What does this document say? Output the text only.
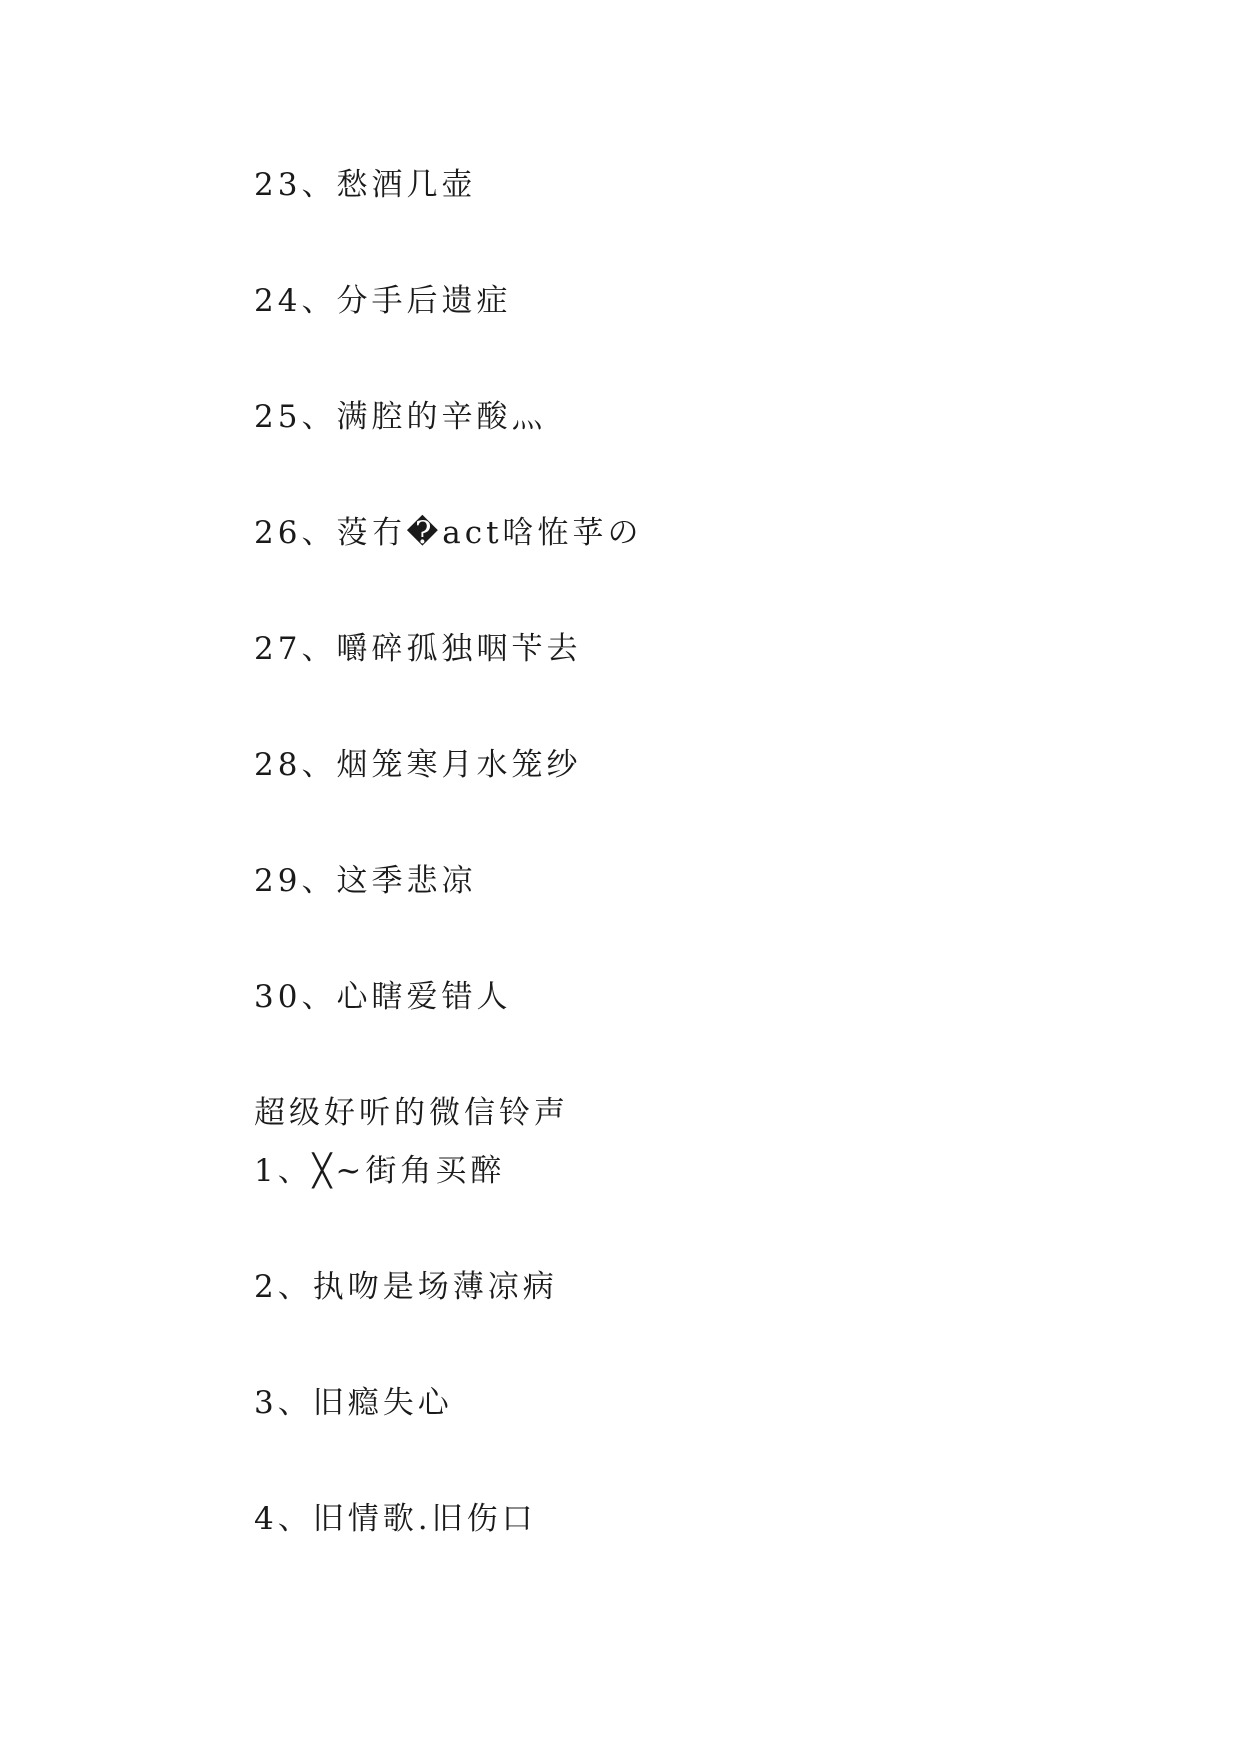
23、愁酒几壶
24、分手后遗症
25、满腔的辛酸灬
26、莈冇�act唅恠苸の
27、嚼碎孤独咽苄去
28、烟笼寒月水笼纱
29、这季悲凉
30、心瞎爱错人
超级好听的微信铃声
1、╳~街角买醉
2、执吻是场薄凉病
3、旧瘾失心
4、旧情歌.旧伤口
